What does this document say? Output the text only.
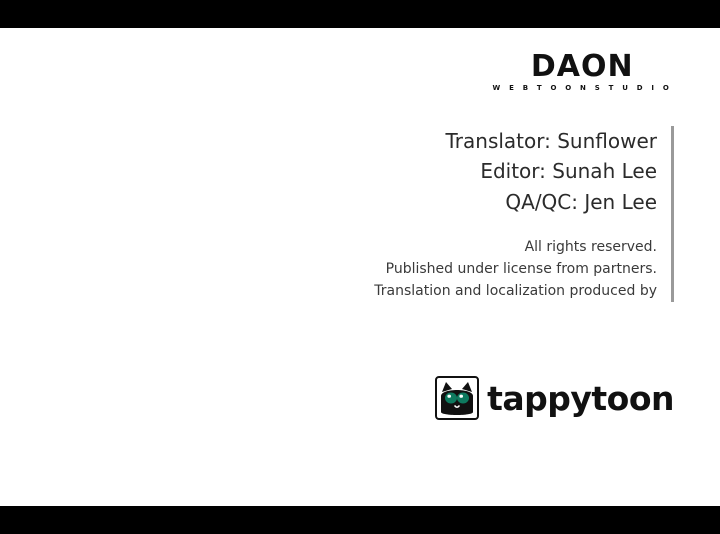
DAON
W E B T O O N S T U D I O
Translator: Sunflower
Editor: Sunah Lee
QA/QC: Jen Lee
All rights reserved.
Published under license from partners.
Translation and localization produced by
tappytoon
